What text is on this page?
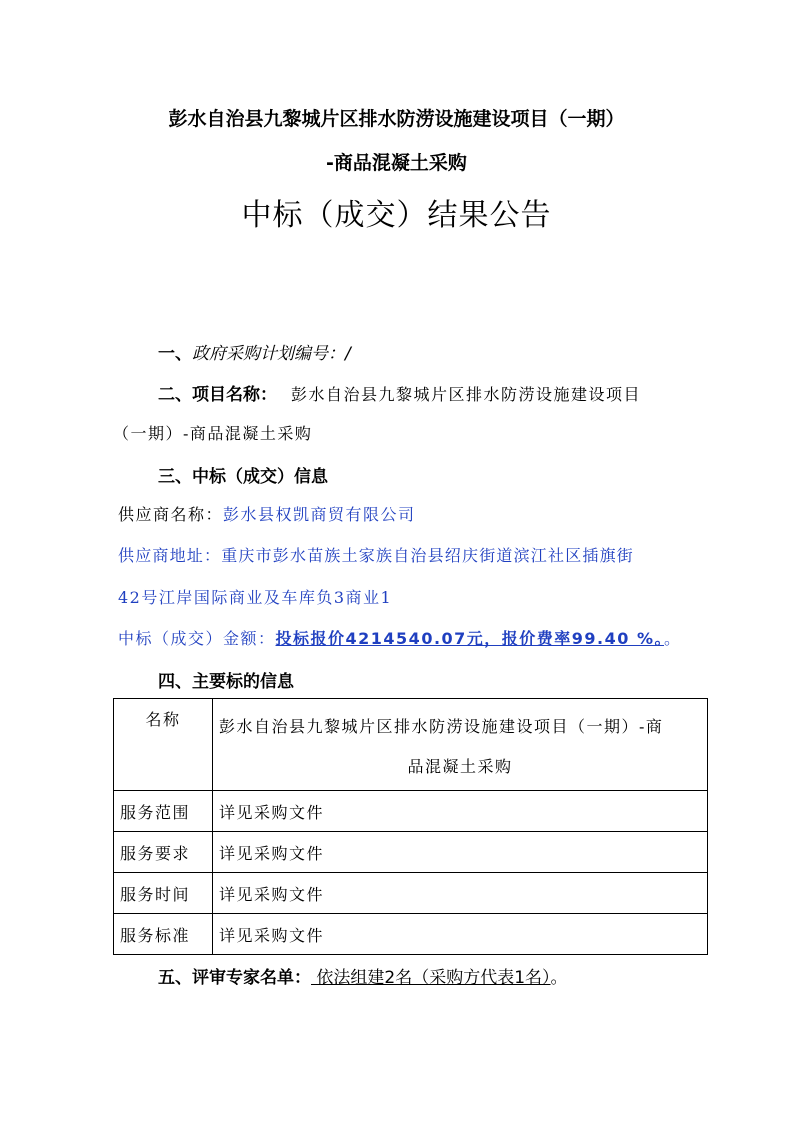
彭水自治县九黎城片区排水防涝设施建设项目（一期）
-商品混凝土采购
中标（成交）结果公告
一、政府采购计划编号：/
二、项目名称： 彭水自治县九黎城片区排水防涝设施建设项目
（一期）-商品混凝土采购
三、中标（成交）信息
供应商名称：彭水县权凯商贸有限公司
供应商地址：重庆市彭水苗族土家族自治县绍庆街道滨江社区插旗街
42号江岸国际商业及车库负3商业1
中标（成交）金额：投标报价4214540.07元，报价费率99.40 %。。
四、主要标的信息
名称	彭水自治县九黎城片区排水防涝设施建设项目（一期）-商
品混凝土采购

服务范围	详见采购文件
服务要求	详见采购文件
服务时间	详见采购文件
服务标准	详见采购文件
五、评审专家名单： 依法组建2名（采购方代表1名）。
